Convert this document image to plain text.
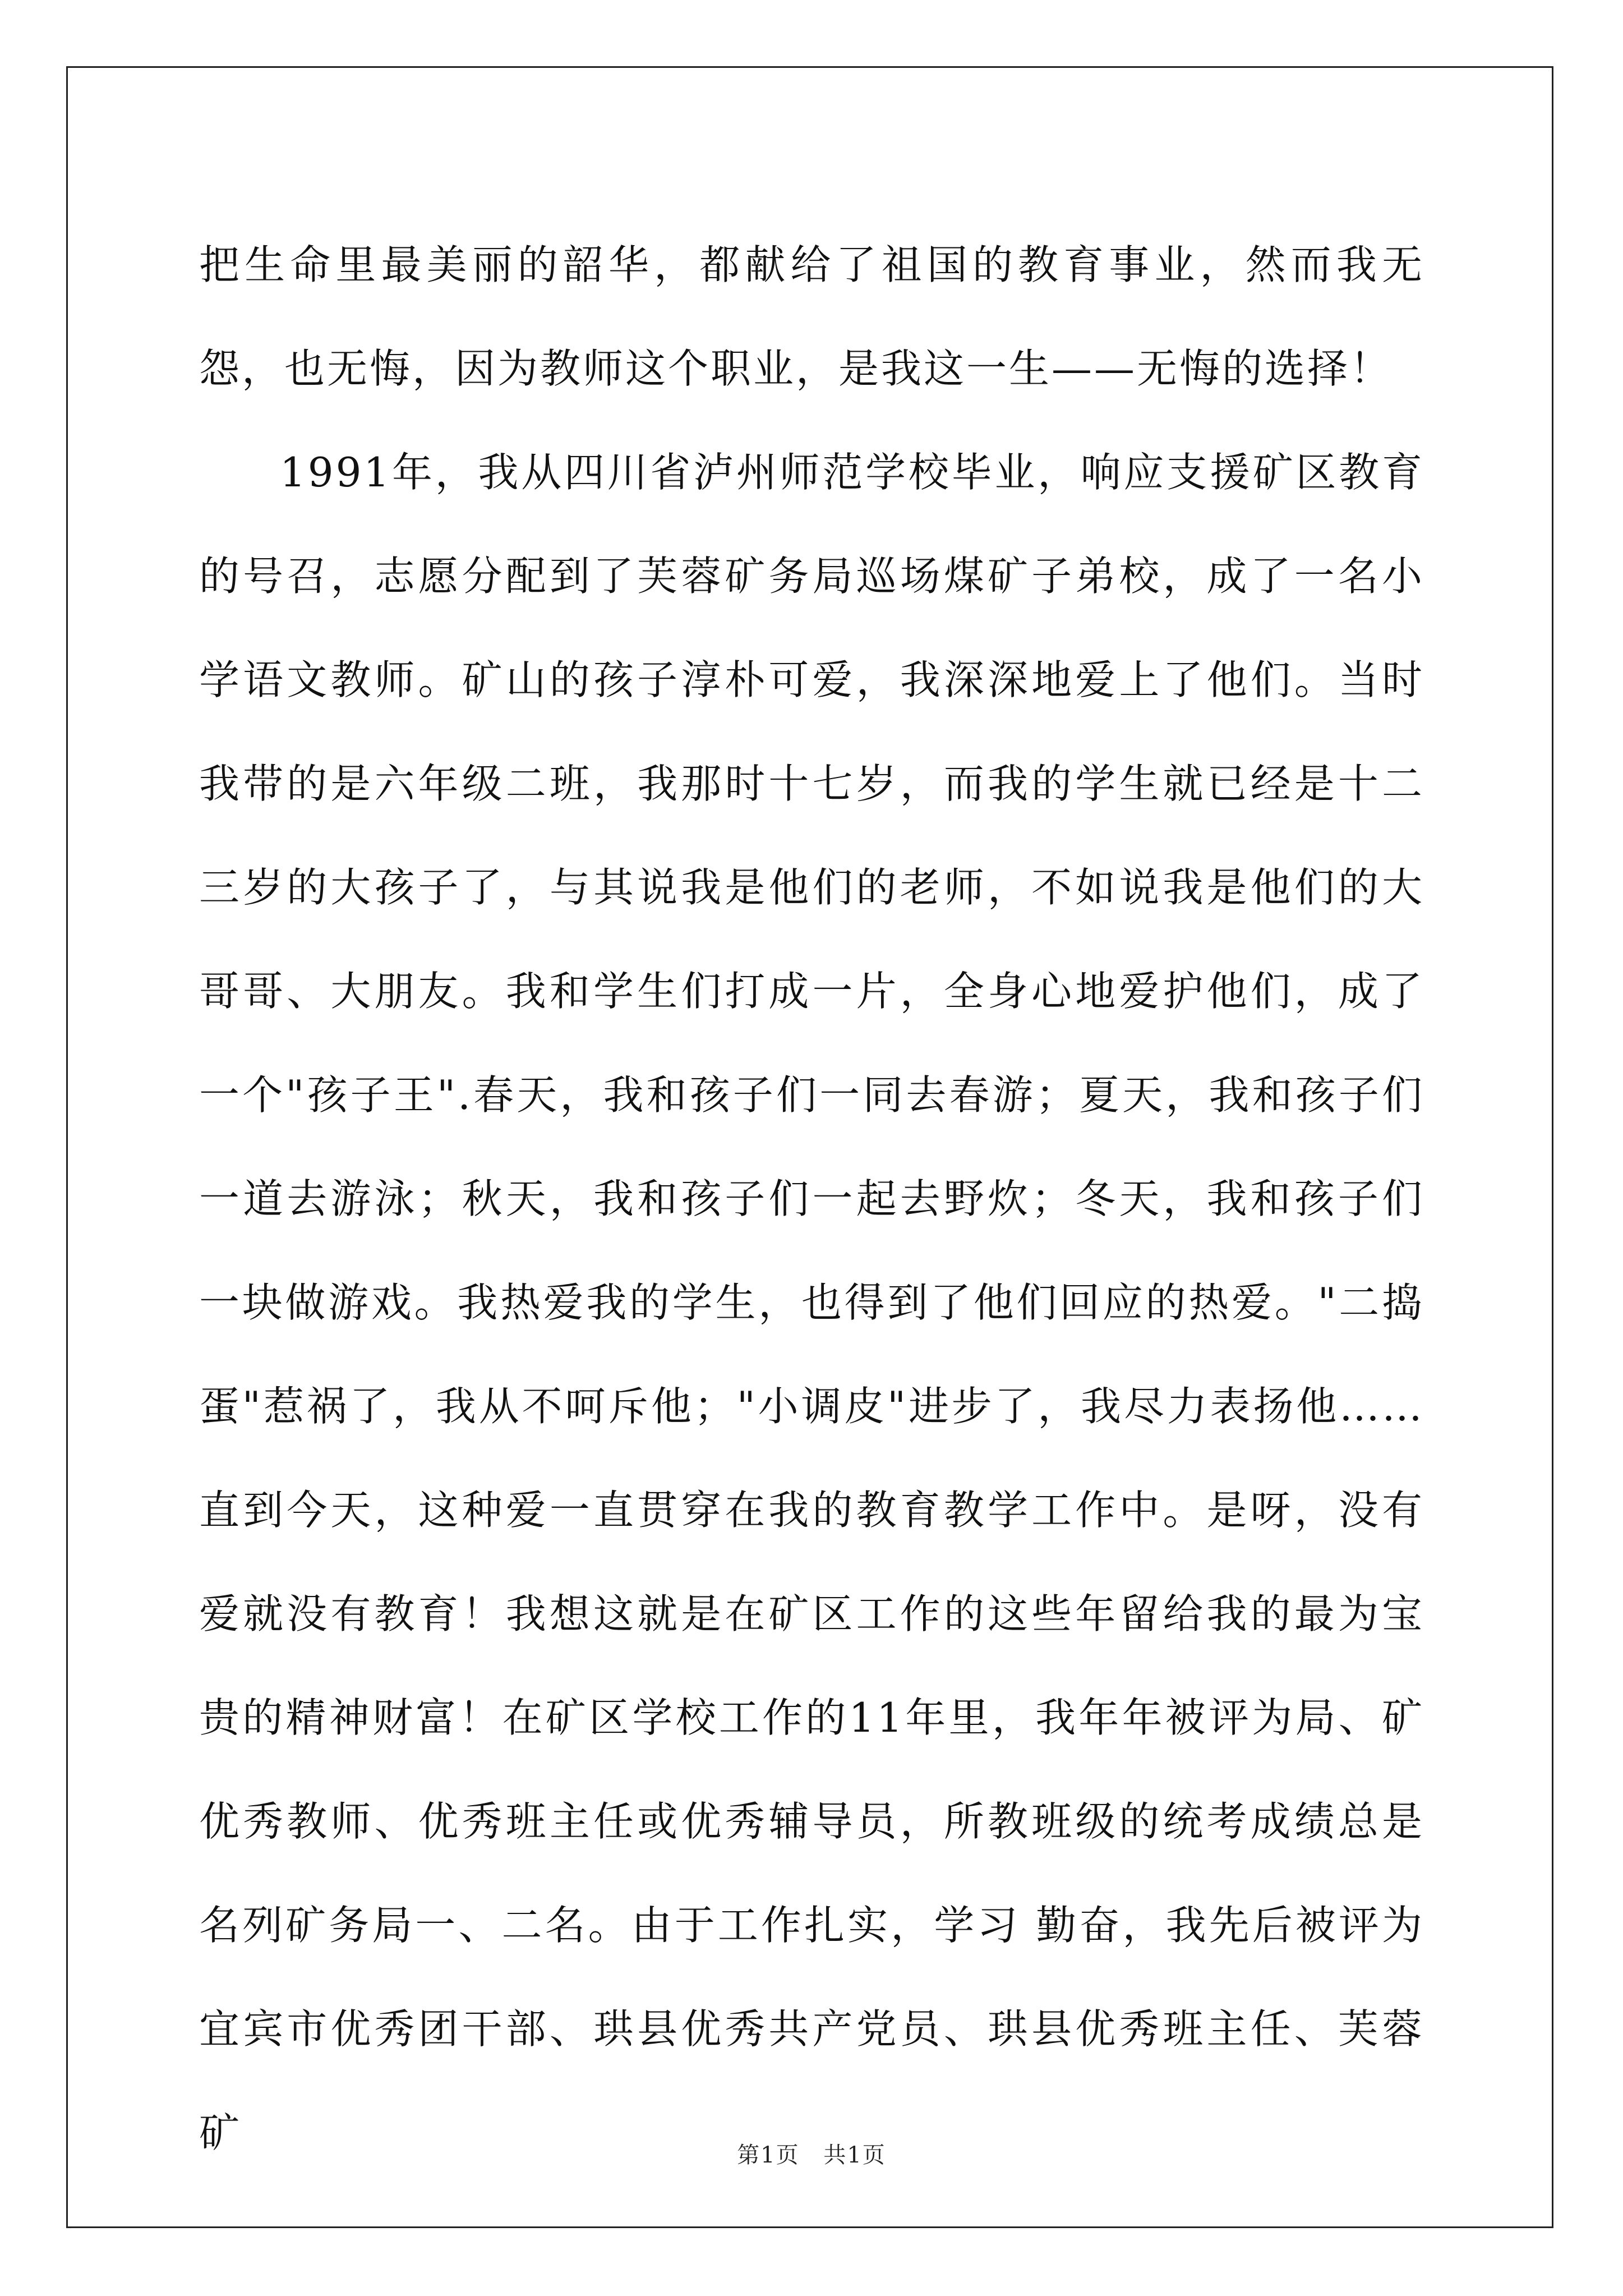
把生命里最美丽的韶华，都献给了祖国的教育事业，然而我无怨，也无悔，因为教师这个职业，是我这一生——无悔的选择！

1991年，我从四川省泸州师范学校毕业，响应支援矿区教育的号召，志愿分配到了芙蓉矿务局巡场煤矿子弟校，成了一名小学语文教师。矿山的孩子淳朴可爱，我深深地爱上了他们。当时我带的是六年级二班，我那时十七岁，而我的学生就已经是十二三岁的大孩子了，与其说我是他们的老师，不如说我是他们的大哥哥、大朋友。我和学生们打成一片，全身心地爱护他们，成了一个"孩子王".春天，我和孩子们一同去春游；夏天，我和孩子们一道去游泳；秋天，我和孩子们一起去野炊；冬天，我和孩子们一块做游戏。我热爱我的学生，也得到了他们回应的热爱。"二捣蛋"惹祸了，我从不呵斥他；"小调皮"进步了，我尽力表扬他……直到今天，这种爱一直贯穿在我的教育教学工作中。是呀，没有爱就没有教育！我想这就是在矿区工作的这些年留给我的最为宝贵的精神财富！在矿区学校工作的11年里，我年年被评为局、矿优秀教师、优秀班主任或优秀辅导员，所教班级的统考成绩总是名列矿务局一、二名。由于工作扎实，学习 勤奋，我先后被评为宜宾市优秀团干部、珙县优秀共产党员、珙县优秀班主任、芙蓉矿	第1页 共1页
